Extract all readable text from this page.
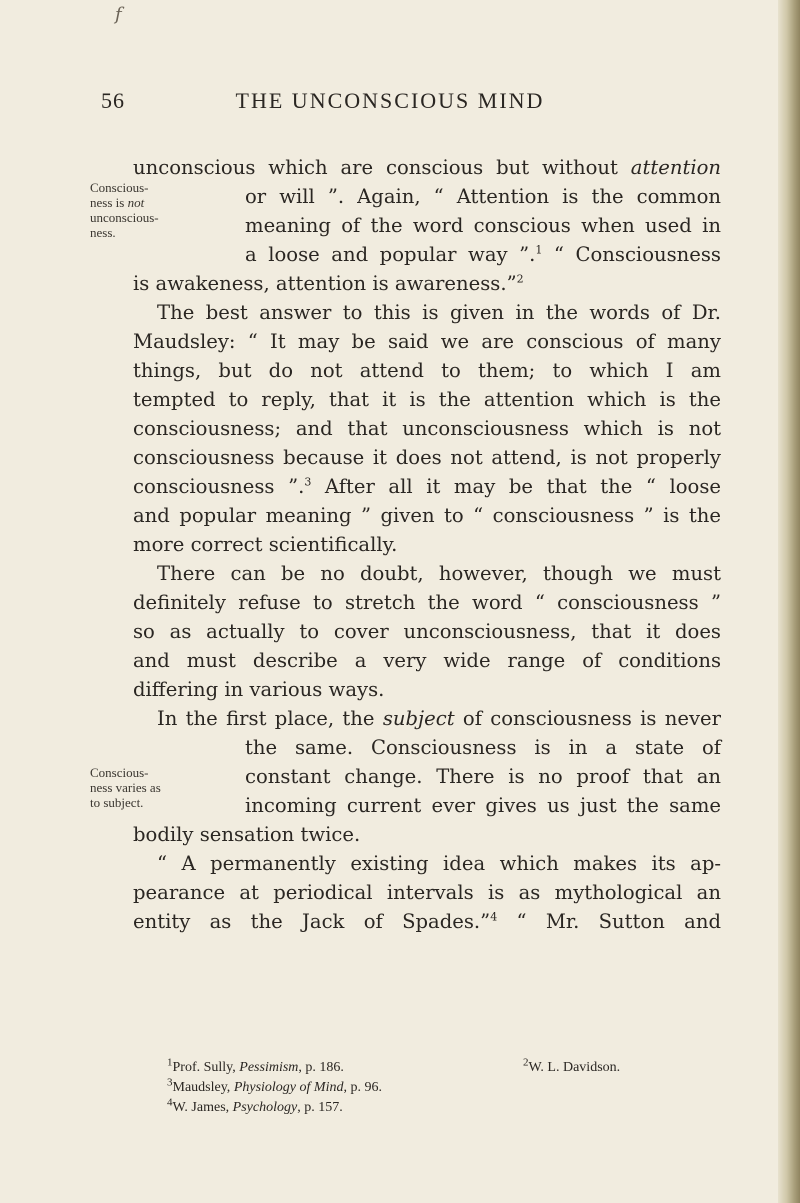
f
56	THE UNCONSCIOUS MIND
Conscious-
ness is not
unconscious-
ness.
Conscious-
ness varies as
to subject.
unconscious which are conscious but without attention
or will ”. Again, “ Attention is the common
meaning of the word conscious when used in
a loose and popular way ”.$^1$ “ Consciousness
is awakeness, attention is awareness.”$^2$
The best answer to this is given in the words of Dr.
Maudsley: “ It may be said we are conscious of many
things, but do not attend to them; to which I am
tempted to reply, that it is the attention which is the
consciousness; and that unconsciousness which is not
consciousness because it does not attend, is not properly
consciousness ”.$^3$ After all it may be that the “ loose
and popular meaning ” given to “ consciousness ” is the
more correct scientifically.
There can be no doubt, however, though we must
definitely refuse to stretch the word “ consciousness ”
so as actually to cover unconsciousness, that it does
and must describe a very wide range of conditions
differing in various ways.
In the first place, the subject of consciousness is never
the same. Consciousness is in a state of
constant change. There is no proof that an
incoming current ever gives us just the same
bodily sensation twice.
“ A permanently existing idea which makes its ap-
pearance at periodical intervals is as mythological an
entity as the Jack of Spades.”$^4$ “ Mr. Sutton and
$^1$Prof. Sully, Pessimism, p. 186.	$^2$W. L. Davidson.
$^3$Maudsley, Physiology of Mind, p. 96.
$^4$W. James, Psychology, p. 157.
